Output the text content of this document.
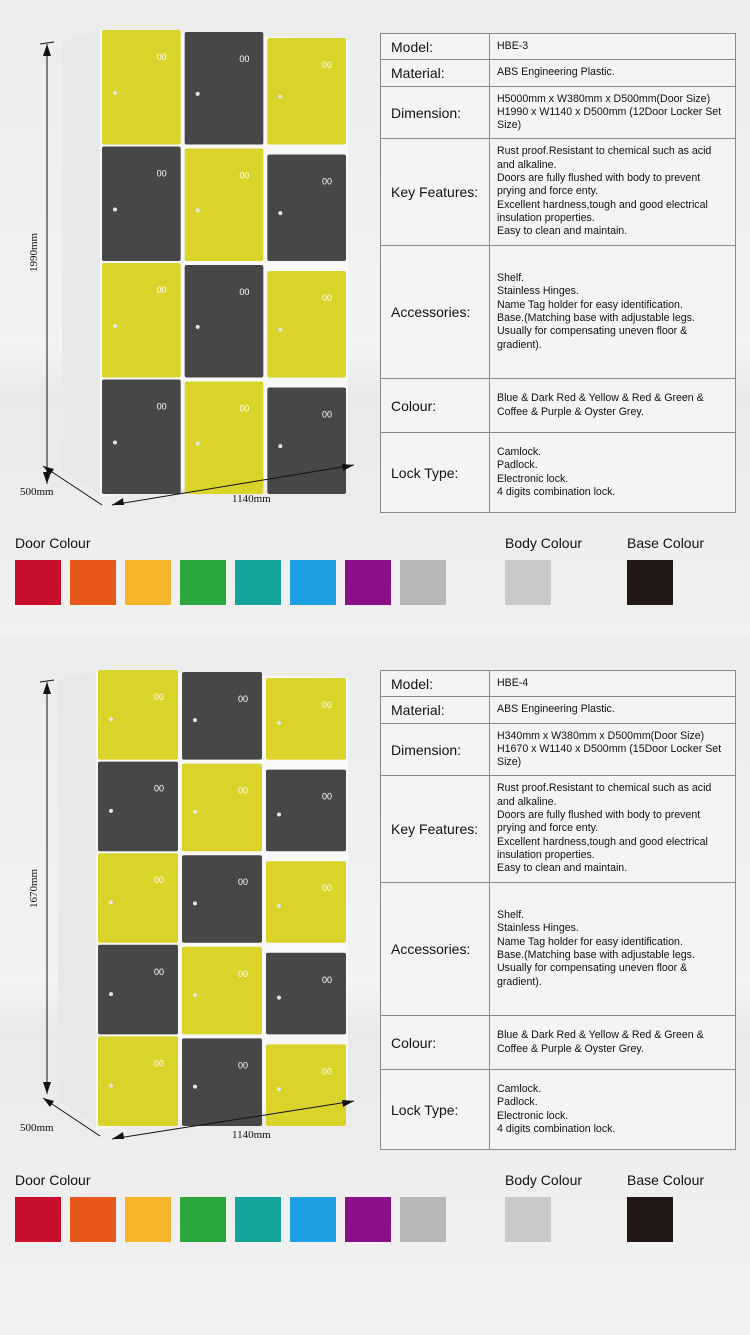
00	00
00
00	00
00
00	00
00
00	00
00
1990mm
500mm
1140mm
Model:	HBE-3
Material:	ABS Engineering Plastic.
Dimension:	H5000mm x W380mm x D500mm(Door Size)
H1990 x W1140 x D500mm (12Door Locker Set Size)
Key Features:	Rust proof.Resistant to chemical such as acid and alkaline.
Doors are fully flushed with body to prevent prying and force enty.
Excellent hardness,tough and good electrical insulation properties.
Easy to clean and maintain.
Accessories:	Shelf.
Stainless Hinges.
Name Tag holder for easy identification.
Base.(Matching base with adjustable legs.
Usually for compensating uneven floor & gradient).
Colour:	Blue & Dark Red & Yellow & Red & Green & Coffee & Purple & Oyster Grey.
Lock Type:	Camlock.
Padlock.
Electronic lock.
4 digits combination lock.
Door Colour	Body Colour	Base Colour
00	00
00
00	00
00
00	00
00
00	00
00
00	00
00
1670mm
500mm
1140mm
Model:	HBE-4
Material:	ABS Engineering Plastic.
Dimension:	H340mm x W380mm x D500mm(Door Size)
H1670 x W1140 x D500mm (15Door Locker Set Size)
Key Features:	Rust proof.Resistant to chemical such as acid and alkaline.
Doors are fully flushed with body to prevent prying and force enty.
Excellent hardness,tough and good electrical insulation properties.
Easy to clean and maintain.
Accessories:	Shelf.
Stainless Hinges.
Name Tag holder for easy identification.
Base.(Matching base with adjustable legs.
Usually for compensating uneven floor & gradient).
Colour:	Blue & Dark Red & Yellow & Red & Green & Coffee & Purple & Oyster Grey.
Lock Type:	Camlock.
Padlock.
Electronic lock.
4 digits combination lock.
Door Colour	Body Colour	Base Colour
